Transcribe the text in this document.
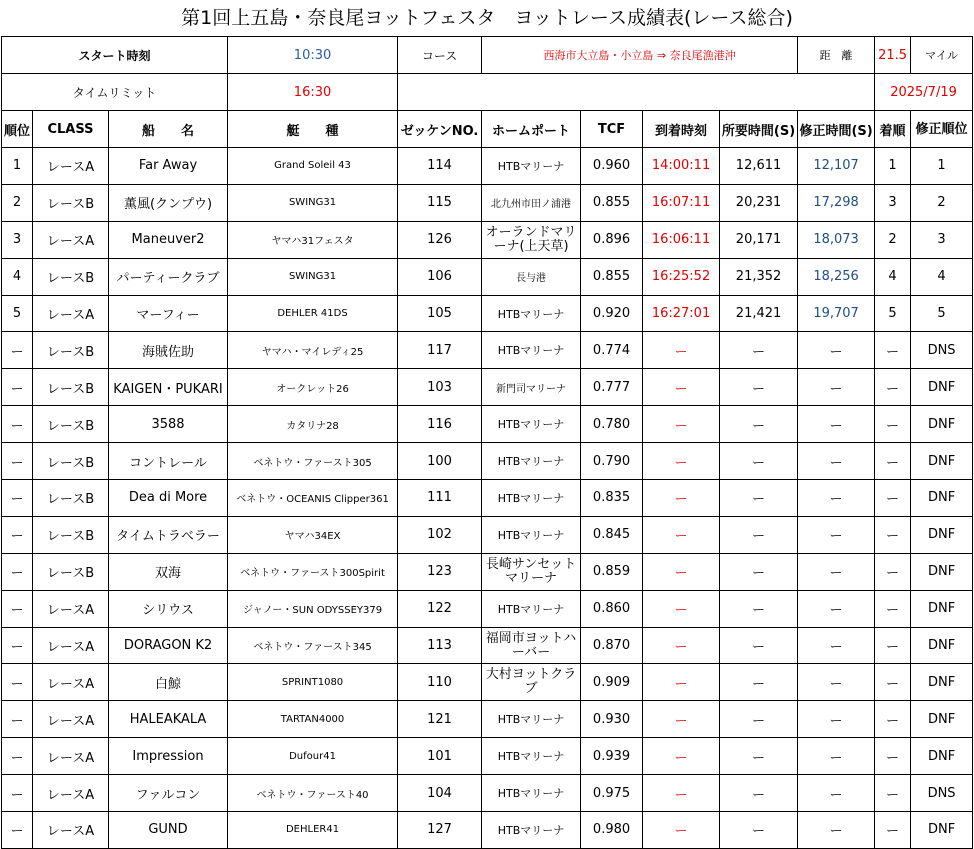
第1回上五島・奈良尾ヨットフェスタ　ヨットレース成績表(レース総合)
スタート時刻			10:30	コース	西海市大立島・小立島 ⇒ 奈良尾漁港沖				距　離	21.5	マイル
タイムリミット			16:30							2025/7/19	
順位	CLASS	船　　名	艇　　種	ゼッケンNO.	ホームポート	TCF	到着時刻	所要時間(S)	修正時間(S)	着順	修正順位
1	レースA	Far Away	Grand Soleil 43	114	HTBマリーナ	0.960	14:00:11	12,611	12,107	1	1
2	レースB	薫風(クンプウ)	SWING31	115	北九州市田ノ浦港	0.855	16:07:11	20,231	17,298	3	2
3	レースA	Maneuver2	ヤマハ31フェスタ	126	オーランドマリーナ(上天草)	0.896	16:06:11	20,171	18,073	2	3
4	レースB	パーティークラブ	SWING31	106	長与港	0.855	16:25:52	21,352	18,256	4	4
5	レースA	マーフィー	DEHLER 41DS	105	HTBマリーナ	0.920	16:27:01	21,421	19,707	5	5
ー	レースB	海賊佐助	ヤマハ・マイレディ25	117	HTBマリーナ	0.774	ー	ー	ー	ー	DNS
ー	レースB	KAIGEN・PUKARI	オークレット26	103	新門司マリーナ	0.777	ー	ー	ー	ー	DNF
ー	レースB	3588	カタリナ28	116	HTBマリーナ	0.780	ー	ー	ー	ー	DNF
ー	レースB	コントレール	ベネトウ・ファースト305	100	HTBマリーナ	0.790	ー	ー	ー	ー	DNF
ー	レースB	Dea di More	ベネトウ・OCEANIS Clipper361	111	HTBマリーナ	0.835	ー	ー	ー	ー	DNF
ー	レースB	タイムトラベラー	ヤマハ34EX	102	HTBマリーナ	0.845	ー	ー	ー	ー	DNF
ー	レースB	双海	ベネトウ・ファースト300Spirit	123	長崎サンセットマリーナ	0.859	ー	ー	ー	ー	DNF
ー	レースA	シリウス	ジャノー・SUN ODYSSEY379	122	HTBマリーナ	0.860	ー	ー	ー	ー	DNF
ー	レースA	DORAGON K2	ベネトウ・ファースト345	113	福岡市ヨットハーバー	0.870	ー	ー	ー	ー	DNF
ー	レースA	白鯨	SPRINT1080	110	大村ヨットクラブ	0.909	ー	ー	ー	ー	DNF
ー	レースA	HALEAKALA	TARTAN4000	121	HTBマリーナ	0.930	ー	ー	ー	ー	DNF
ー	レースA	Impression	Dufour41	101	HTBマリーナ	0.939	ー	ー	ー	ー	DNF
ー	レースA	ファルコン	ベネトウ・ファースト40	104	HTBマリーナ	0.975	ー	ー	ー	ー	DNS
ー	レースA	GUND	DEHLER41	127	HTBマリーナ	0.980	ー	ー	ー	ー	DNF
